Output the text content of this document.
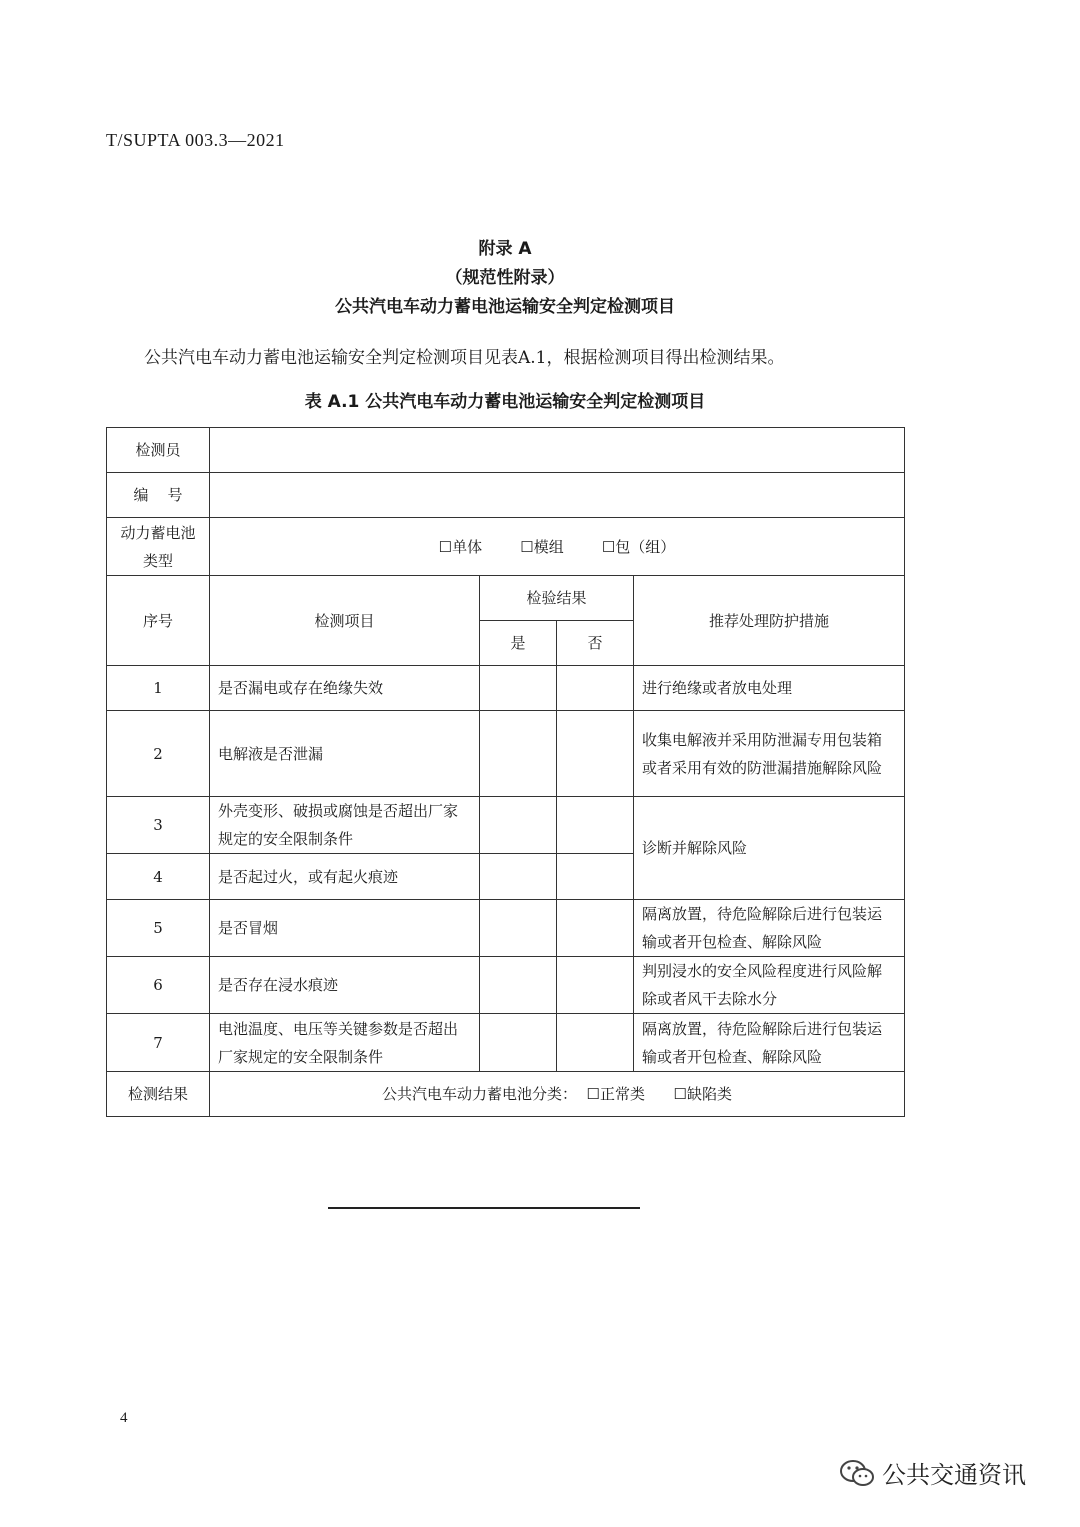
T/SUPTA 003.3—2021
附录 A
（规范性附录）
公共汽电车动力蓄电池运输安全判定检测项目
公共汽电车动力蓄电池运输安全判定检测项目见表A.1，根据检测项目得出检测结果。
表 A.1 公共汽电车动力蓄电池运输安全判定检测项目
检测员				
编    号				
动力蓄电池类型	☐单体        ☐模组        ☐包（组）			
序号	检测项目	检验结果		推荐处理防护措施
		是	否	
1	是否漏电或存在绝缘失效			进行绝缘或者放电处理
2	电解液是否泄漏			收集电解液并采用防泄漏专用包装箱或者采用有效的防泄漏措施解除风险
3	外壳变形、破损或腐蚀是否超出厂家规定的安全限制条件			诊断并解除风险
4	是否起过火，或有起火痕迹			
5	是否冒烟			隔离放置，待危险解除后进行包装运输或者开包检查、解除风险
6	是否存在浸水痕迹			判别浸水的安全风险程度进行风险解除或者风干去除水分
7	电池温度、电压等关键参数是否超出厂家规定的安全限制条件			隔离放置，待危险解除后进行包装运输或者开包检查、解除风险
检测结果	公共汽电车动力蓄电池分类：  ☐正常类      ☐缺陷类			
4
公共交通资讯
